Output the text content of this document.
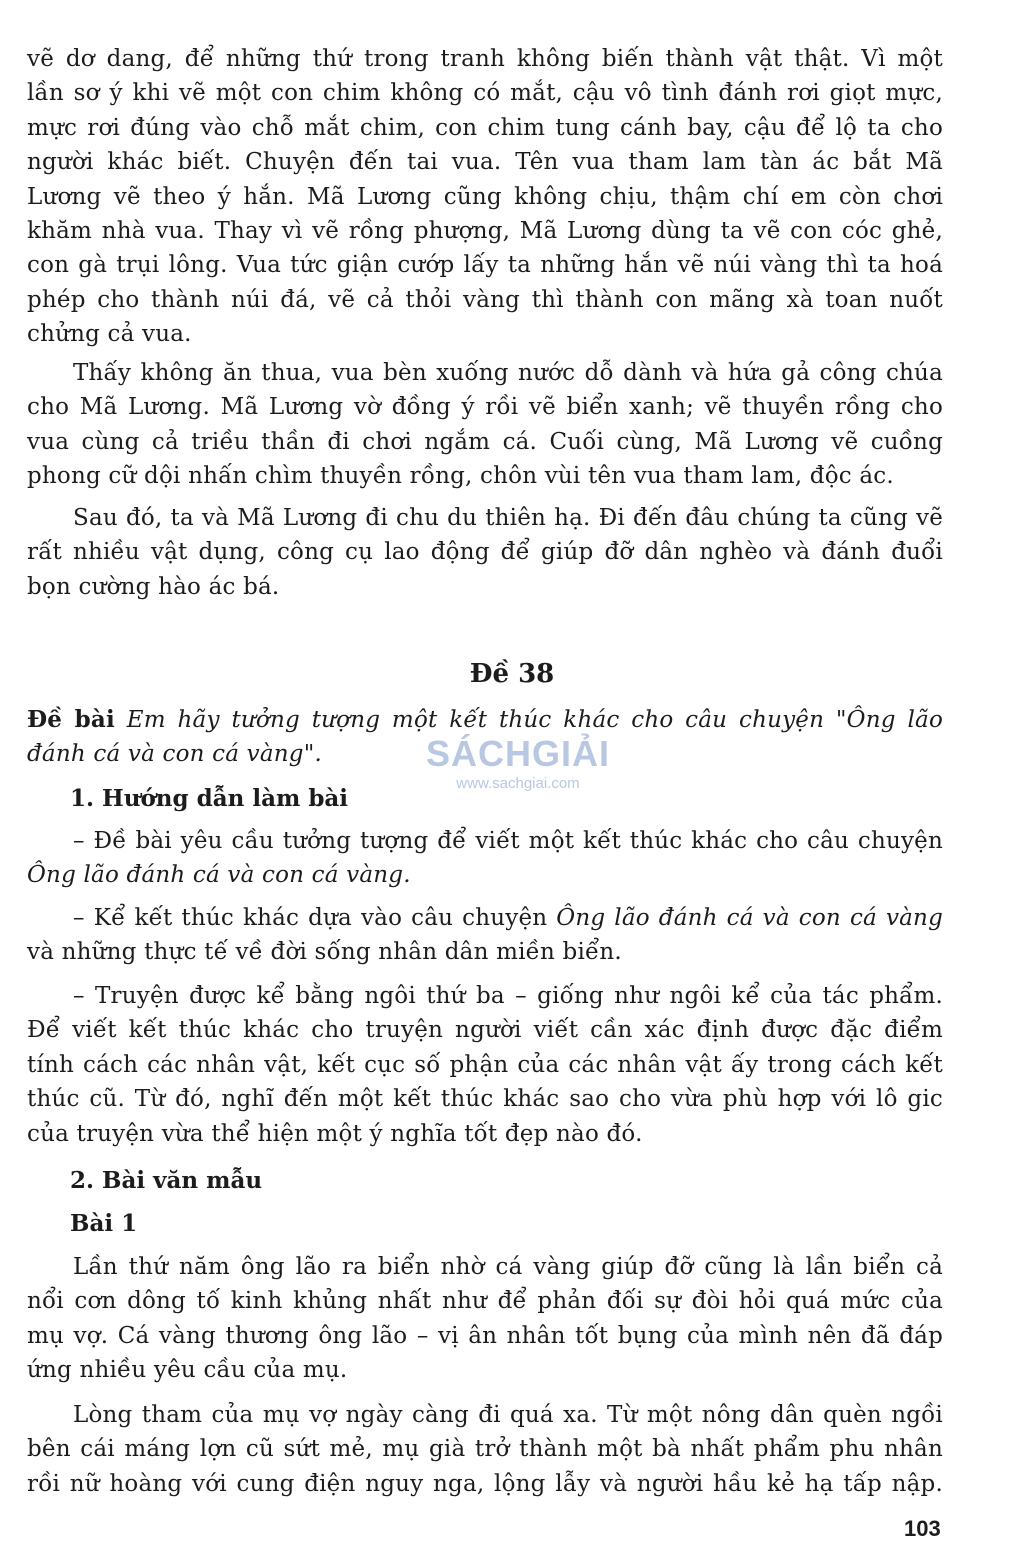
vẽ dơ dang, để những thứ trong tranh không biến thành vật thật. Vì một
lần sơ ý khi vẽ một con chim không có mắt, cậu vô tình đánh rơi giọt mực,
mực rơi đúng vào chỗ mắt chim, con chim tung cánh bay, cậu để lộ ta cho
người khác biết. Chuyện đến tai vua. Tên vua tham lam tàn ác bắt Mã
Lương vẽ theo ý hắn. Mã Lương cũng không chịu, thậm chí em còn chơi
khăm nhà vua. Thay vì vẽ rồng phượng, Mã Lương dùng ta vẽ con cóc ghẻ,
con gà trụi lông. Vua tức giận cướp lấy ta những hắn vẽ núi vàng thì ta hoá
phép cho thành núi đá, vẽ cả thỏi vàng thì thành con mãng xà toan nuốt
chửng cả vua.
Thấy không ăn thua, vua bèn xuống nước dỗ dành và hứa gả công chúa
cho Mã Lương. Mã Lương vờ đồng ý rồi vẽ biển xanh; vẽ thuyền rồng cho
vua cùng cả triều thần đi chơi ngắm cá. Cuối cùng, Mã Lương vẽ cuồng
phong cữ dội nhấn chìm thuyền rồng, chôn vùi tên vua tham lam, độc ác.
Sau đó, ta và Mã Lương đi chu du thiên hạ. Đi đến đâu chúng ta cũng vẽ
rất nhiều vật dụng, công cụ lao động để giúp đỡ dân nghèo và đánh đuổi
bọn cường hào ác bá.
Đề 38
Đề bài Em hãy tưởng tượng một kết thúc khác cho câu chuyện "Ông lão
đánh cá và con cá vàng".
1. Hướng dẫn làm bài
– Đề bài yêu cầu tưởng tượng để viết một kết thúc khác cho câu chuyện
Ông lão đánh cá và con cá vàng.
– Kể kết thúc khác dựa vào câu chuyện Ông lão đánh cá và con cá vàng
và những thực tế về đời sống nhân dân miền biển.
– Truyện được kể bằng ngôi thứ ba – giống như ngôi kể của tác phẩm.
Để viết kết thúc khác cho truyện người viết cần xác định được đặc điểm
tính cách các nhân vật, kết cục số phận của các nhân vật ấy trong cách kết
thúc cũ. Từ đó, nghĩ đến một kết thúc khác sao cho vừa phù hợp với lô gic
của truyện vừa thể hiện một ý nghĩa tốt đẹp nào đó.
2. Bài văn mẫu
Bài 1
Lần thứ năm ông lão ra biển nhờ cá vàng giúp đỡ cũng là lần biển cả
nổi cơn dông tố kinh khủng nhất như để phản đối sự đòi hỏi quá mức của
mụ vợ. Cá vàng thương ông lão – vị ân nhân tốt bụng của mình nên đã đáp
ứng nhiều yêu cầu của mụ.
Lòng tham của mụ vợ ngày càng đi quá xa. Từ một nông dân quèn ngồi
bên cái máng lợn cũ sứt mẻ, mụ già trở thành một bà nhất phẩm phu nhân
rồi nữ hoàng với cung điện nguy nga, lộng lẫy và người hầu kẻ hạ tấp nập.
SÁCHGIẢI
www.sachgiai.com
103
